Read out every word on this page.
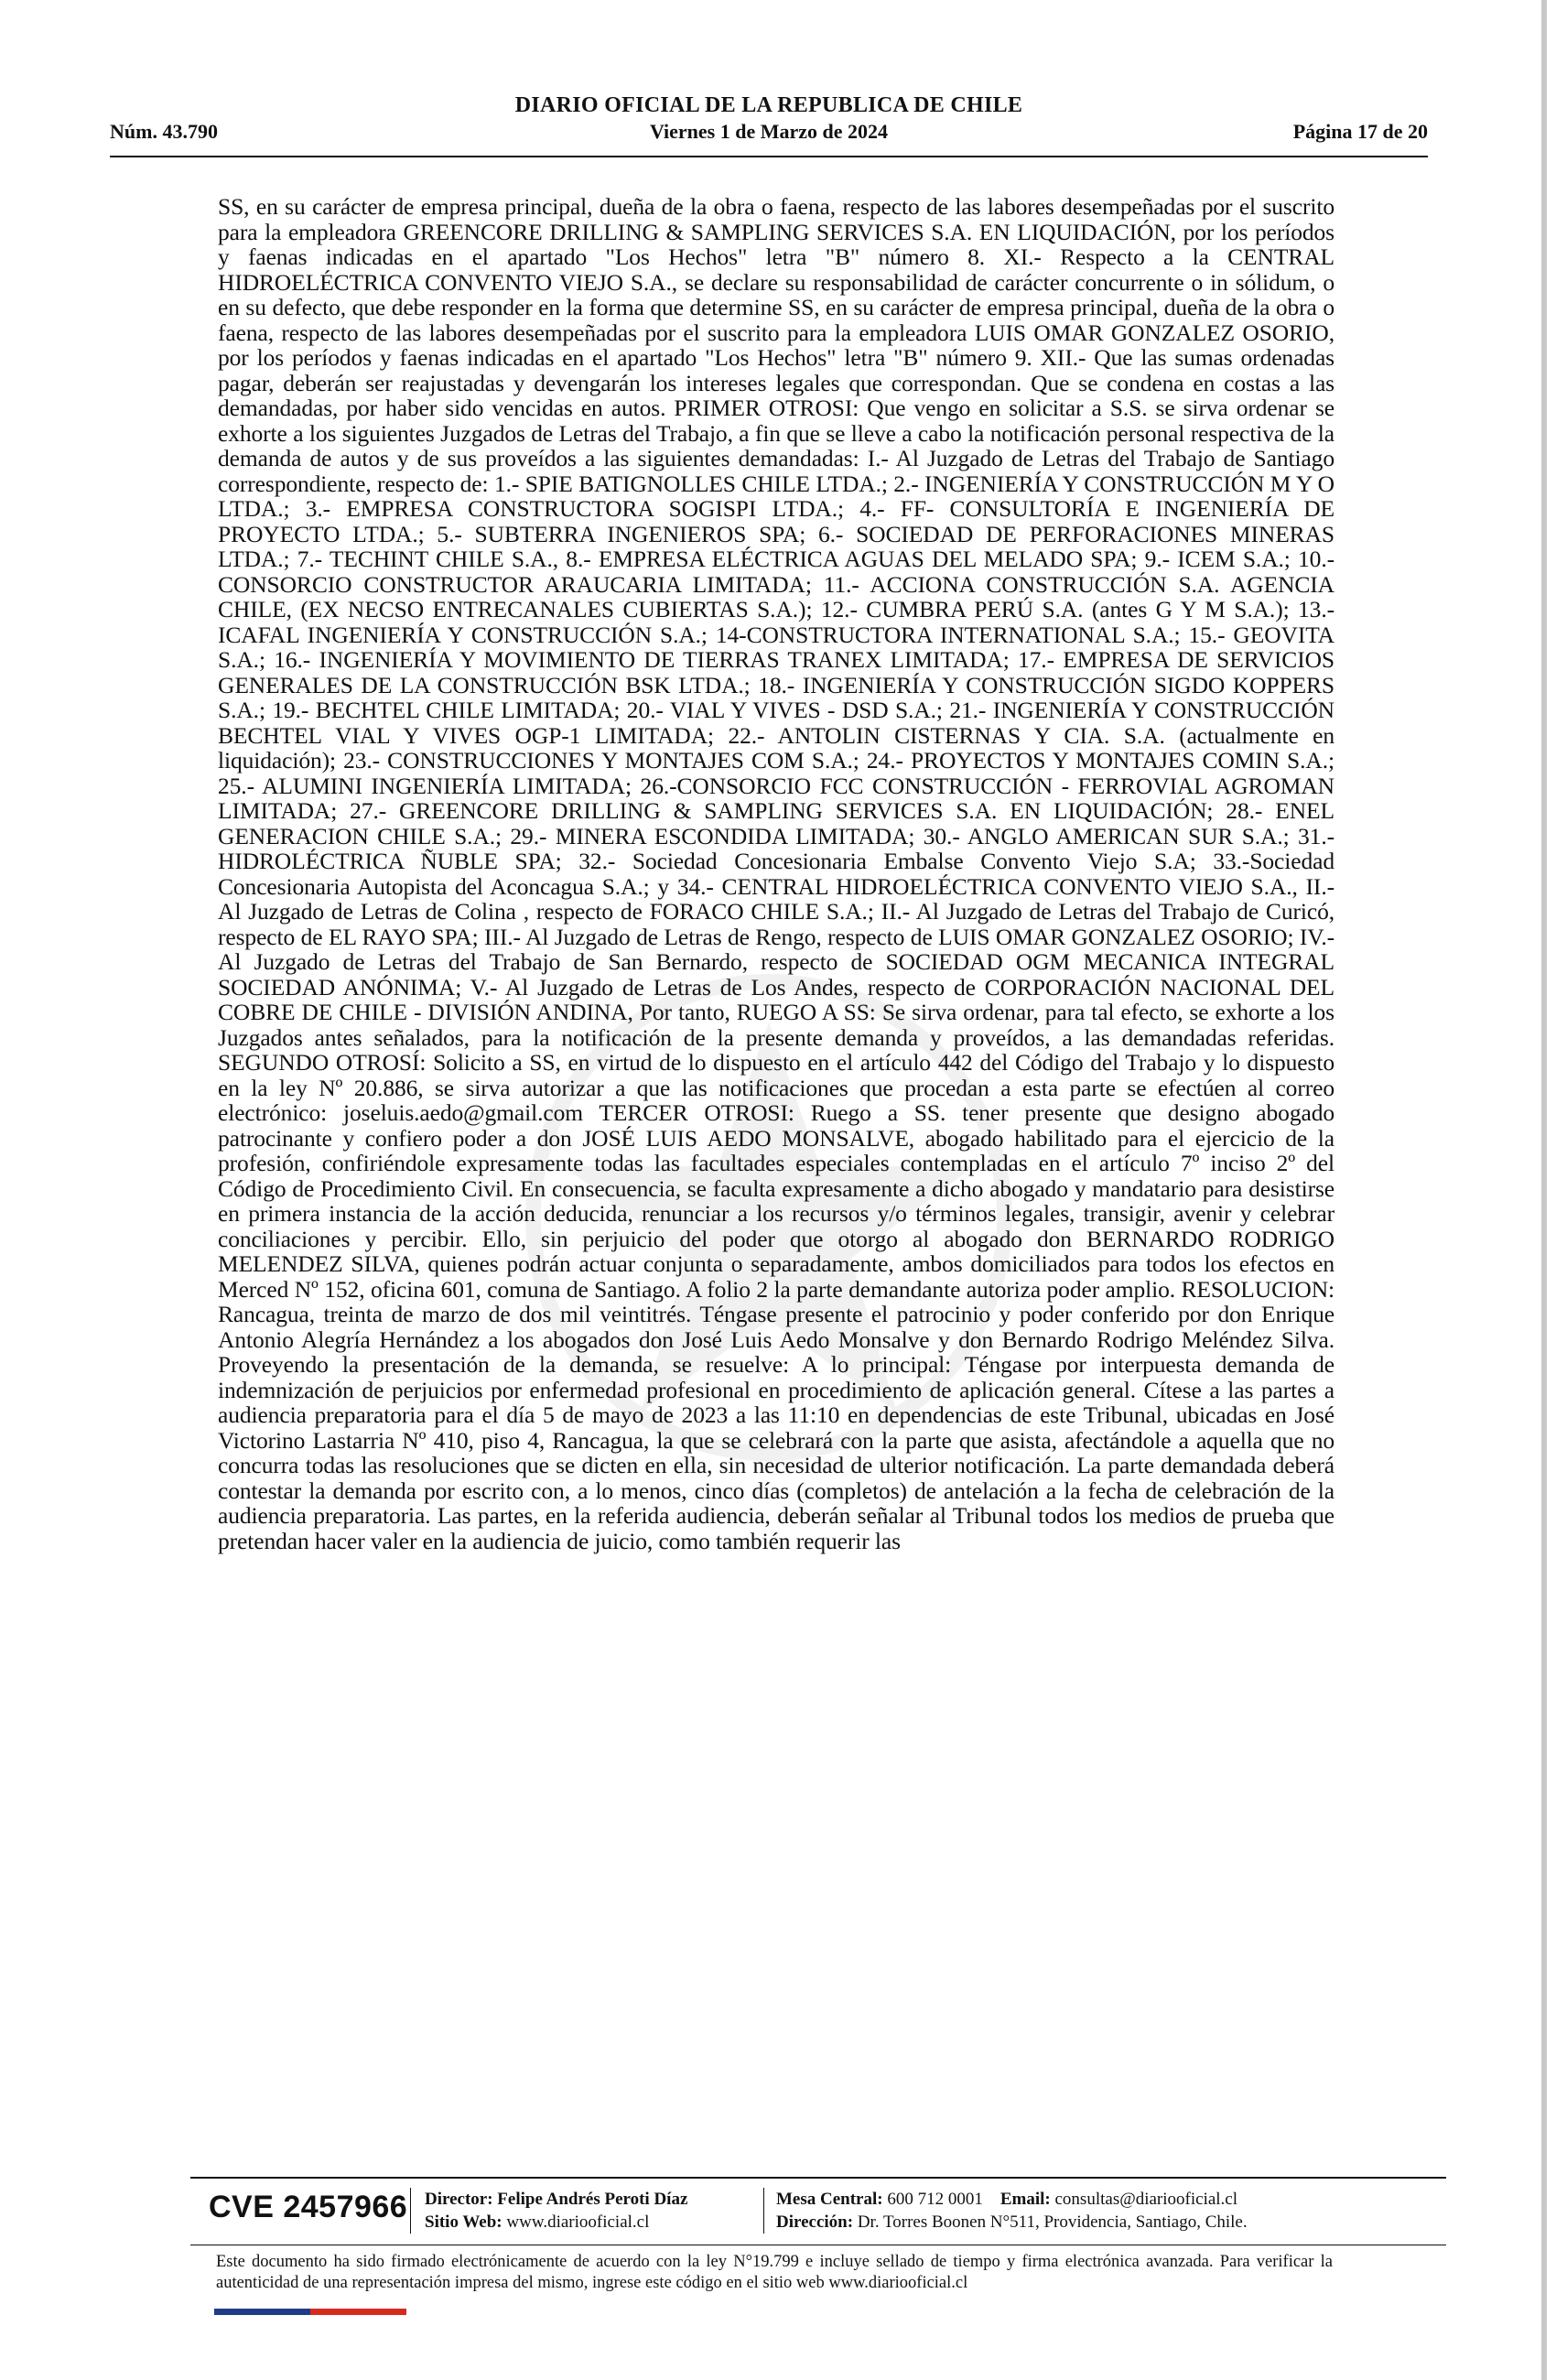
DIARIO OFICIAL DE LA REPUBLICA DE CHILE
Núm. 43.790	Viernes 1 de Marzo de 2024	Página 17 de 20

SS, en su carácter de empresa principal, dueña de la obra o faena, respecto de las labores desempeñadas por el suscrito para la empleadora GREENCORE DRILLING & SAMPLING SERVICES S.A. EN LIQUIDACIÓN, por los períodos y faenas indicadas en el apartado "Los Hechos" letra "B" número 8. XI.- Respecto a la CENTRAL HIDROELÉCTRICA CONVENTO VIEJO S.A., se declare su responsabilidad de carácter concurrente o in sólidum, o en su defecto, que debe responder en la forma que determine SS, en su carácter de empresa principal, dueña de la obra o faena, respecto de las labores desempeñadas por el suscrito para la empleadora LUIS OMAR GONZALEZ OSORIO, por los períodos y faenas indicadas en el apartado "Los Hechos" letra "B" número 9. XII.- Que las sumas ordenadas pagar, deberán ser reajustadas y devengarán los intereses legales que correspondan. Que se condena en costas a las demandadas, por haber sido vencidas en autos. PRIMER OTROSI: Que vengo en solicitar a S.S. se sirva ordenar se exhorte a los siguientes Juzgados de Letras del Trabajo, a fin que se lleve a cabo la notificación personal respectiva de la demanda de autos y de sus proveídos a las siguientes demandadas: I.- Al Juzgado de Letras del Trabajo de Santiago correspondiente, respecto de: 1.- SPIE BATIGNOLLES CHILE LTDA.; 2.- INGENIERÍA Y CONSTRUCCIÓN M Y O LTDA.; 3.- EMPRESA CONSTRUCTORA SOGISPI LTDA.; 4.- FF- CONSULTORÍA E INGENIERÍA DE PROYECTO LTDA.; 5.- SUBTERRA INGENIEROS SPA; 6.- SOCIEDAD DE PERFORACIONES MINERAS LTDA.; 7.- TECHINT CHILE S.A., 8.- EMPRESA ELÉCTRICA AGUAS DEL MELADO SPA; 9.- ICEM S.A.; 10.-CONSORCIO CONSTRUCTOR ARAUCARIA LIMITADA; 11.- ACCIONA CONSTRUCCIÓN S.A. AGENCIA CHILE, (EX NECSO ENTRECANALES CUBIERTAS S.A.); 12.- CUMBRA PERÚ S.A. (antes G Y M S.A.); 13.- ICAFAL INGENIERÍA Y CONSTRUCCIÓN S.A.; 14-CONSTRUCTORA INTERNATIONAL S.A.; 15.- GEOVITA S.A.; 16.- INGENIERÍA Y MOVIMIENTO DE TIERRAS TRANEX LIMITADA; 17.- EMPRESA DE SERVICIOS GENERALES DE LA CONSTRUCCIÓN BSK LTDA.; 18.- INGENIERÍA Y CONSTRUCCIÓN SIGDO KOPPERS S.A.; 19.- BECHTEL CHILE LIMITADA; 20.- VIAL Y VIVES - DSD S.A.; 21.- INGENIERÍA Y CONSTRUCCIÓN BECHTEL VIAL Y VIVES OGP-1 LIMITADA; 22.- ANTOLIN CISTERNAS Y CIA. S.A. (actualmente en liquidación); 23.- CONSTRUCCIONES Y MONTAJES COM S.A.; 24.- PROYECTOS Y MONTAJES COMIN S.A.; 25.- ALUMINI INGENIERÍA LIMITADA; 26.-CONSORCIO FCC CONSTRUCCIÓN - FERROVIAL AGROMAN LIMITADA; 27.- GREENCORE DRILLING & SAMPLING SERVICES S.A. EN LIQUIDACIÓN; 28.- ENEL GENERACION CHILE S.A.; 29.- MINERA ESCONDIDA LIMITADA; 30.- ANGLO AMERICAN SUR S.A.; 31.- HIDROLÉCTRICA ÑUBLE SPA; 32.- Sociedad Concesionaria Embalse Convento Viejo S.A; 33.-Sociedad Concesionaria Autopista del Aconcagua S.A.; y 34.- CENTRAL HIDROELÉCTRICA CONVENTO VIEJO S.A., II.- Al Juzgado de Letras de Colina , respecto de FORACO CHILE S.A.; II.- Al Juzgado de Letras del Trabajo de Curicó, respecto de EL RAYO SPA; III.- Al Juzgado de Letras de Rengo, respecto de LUIS OMAR GONZALEZ OSORIO; IV.- Al Juzgado de Letras del Trabajo de San Bernardo, respecto de SOCIEDAD OGM MECANICA INTEGRAL SOCIEDAD ANÓNIMA; V.- Al Juzgado de Letras de Los Andes, respecto de CORPORACIÓN NACIONAL DEL COBRE DE CHILE - DIVISIÓN ANDINA, Por tanto, RUEGO A SS: Se sirva ordenar, para tal efecto, se exhorte a los Juzgados antes señalados, para la notificación de la presente demanda y proveídos, a las demandadas referidas. SEGUNDO OTROSÍ: Solicito a SS, en virtud de lo dispuesto en el artículo 442 del Código del Trabajo y lo dispuesto en la ley Nº 20.886, se sirva autorizar a que las notificaciones que procedan a esta parte se efectúen al correo electrónico: joseluis.aedo@gmail.com TERCER OTROSI: Ruego a SS. tener presente que designo abogado patrocinante y confiero poder a don JOSÉ LUIS AEDO MONSALVE, abogado habilitado para el ejercicio de la profesión, confiriéndole expresamente todas las facultades especiales contempladas en el artículo 7º inciso 2º del Código de Procedimiento Civil. En consecuencia, se faculta expresamente a dicho abogado y mandatario para desistirse en primera instancia de la acción deducida, renunciar a los recursos y/o términos legales, transigir, avenir y celebrar conciliaciones y percibir. Ello, sin perjuicio del poder que otorgo al abogado don BERNARDO RODRIGO MELENDEZ SILVA, quienes podrán actuar conjunta o separadamente, ambos domiciliados para todos los efectos en Merced Nº 152, oficina 601, comuna de Santiago. A folio 2 la parte demandante autoriza poder amplio. RESOLUCION: Rancagua, treinta de marzo de dos mil veintitrés. Téngase presente el patrocinio y poder conferido por don Enrique Antonio Alegría Hernández a los abogados don José Luis Aedo Monsalve y don Bernardo Rodrigo Meléndez Silva. Proveyendo la presentación de la demanda, se resuelve: A lo principal: Téngase por interpuesta demanda de indemnización de perjuicios por enfermedad profesional en procedimiento de aplicación general. Cítese a las partes a audiencia preparatoria para el día 5 de mayo de 2023 a las 11:10 en dependencias de este Tribunal, ubicadas en José Victorino Lastarria Nº 410, piso 4, Rancagua, la que se celebrará con la parte que asista, afectándole a aquella que no concurra todas las resoluciones que se dicten en ella, sin necesidad de ulterior notificación. La parte demandada deberá contestar la demanda por escrito con, a lo menos, cinco días (completos) de antelación a la fecha de celebración de la audiencia preparatoria. Las partes, en la referida audiencia, deberán señalar al Tribunal todos los medios de prueba que pretendan hacer valer en la audiencia de juicio, como también requerir las

CVE 2457966 Director: Felipe Andrés Peroti Díaz
Sitio Web: www.diariooficial.cl
Mesa Central: 600 712 0001 Email: consultas@diariooficial.cl
Dirección: Dr. Torres Boonen N°511, Providencia, Santiago, Chile.
Este documento ha sido firmado electrónicamente de acuerdo con la ley N°19.799 e incluye sellado de tiempo y firma electrónica avanzada. Para verificar la autenticidad de una representación impresa del mismo, ingrese este código en el sitio web www.diariooficial.cl
